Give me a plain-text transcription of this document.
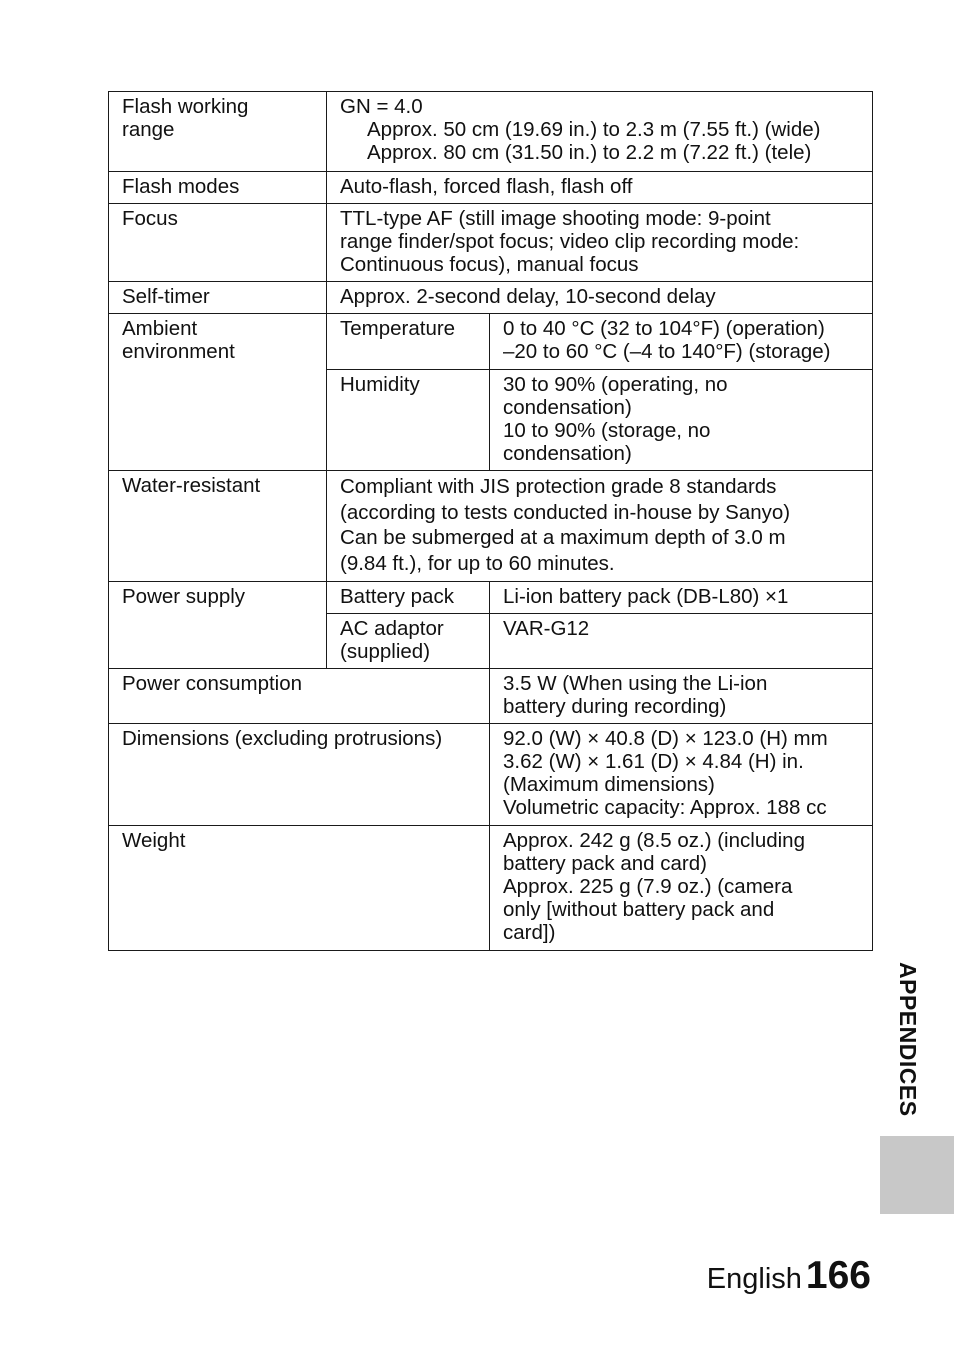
Flash working
range	GN = 4.0
Approx. 50 cm (19.69 in.) to 2.3 m (7.55 ft.) (wide)
Approx. 80 cm (31.50 in.) to 2.2 m (7.22 ft.) (tele)	

Flash modes	Auto-flash, forced flash, flash off	
Focus	TTL-type AF (still image shooting mode: 9-point
range finder/spot focus; video clip recording mode:
Continuous focus), manual focus	

Self-timer	Approx. 2-second delay, 10-second delay	

Ambient
environment	Temperature	0 to 40 °C (32 to 104°F) (operation)
–20 to 60 °C (–4 to 140°F) (storage)

	Humidity	30 to 90% (operating, no
condensation)
10 to 90% (storage, no
condensation)

Water-resistant	Compliant with JIS protection grade 8 standards
(according to tests conducted in-house by Sanyo)
Can be submerged at a maximum depth of 3.0 m
(9.84 ft.), for up to 60 minutes.	

Power supply	Battery pack	Li-ion battery pack (DB-L80) ×1

	AC adaptor
(supplied)	VAR-G12
Power consumption		3.5 W (When using the Li-ion
battery during recording)

Dimensions (excluding protrusions)		92.0 (W) × 40.8 (D) × 123.0 (H) mm
3.62 (W) × 1.61 (D) × 4.84 (H) in.
(Maximum dimensions)
Volumetric capacity: Approx. 188 cc

Weight		Approx. 242 g (8.5 oz.) (including
battery pack and card)
Approx. 225 g (7.9 oz.) (camera
only [without battery pack and
card])
APPENDICES
English 166
